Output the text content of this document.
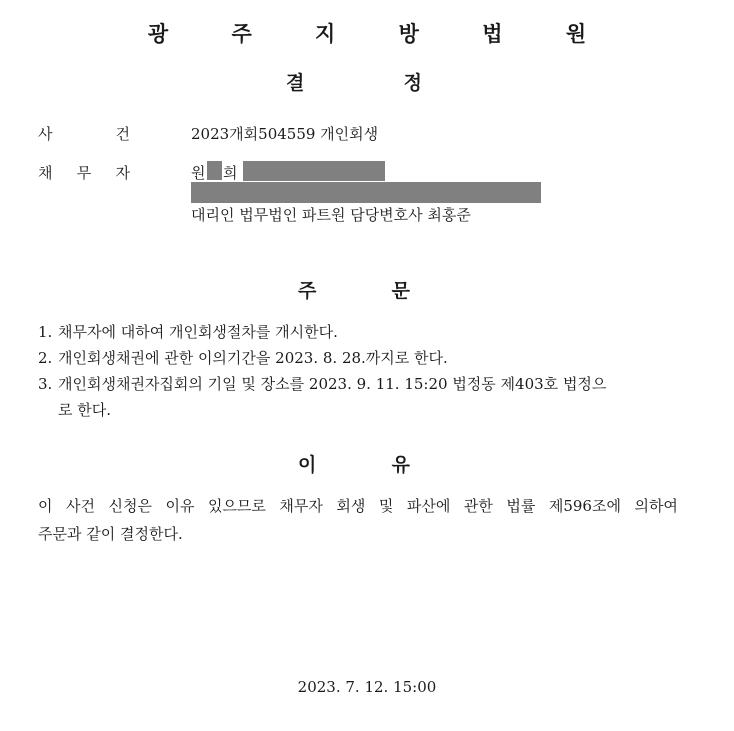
광 주 지 방 법 원
결	정
사	건	2023개회504559 개인회생
채 무 자	원 희
대리인 법무법인 파트원 담당변호사 최홍준
주	문
1. 채무자에 대하여 개인회생절차를 개시한다.
2. 개인회생채권에 관한 이의기간을 2023. 8. 28.까지로 한다.
3. 개인회생채권자집회의 기일 및 장소를 2023. 9. 11. 15:20 법정동 제403호 법정으
로 한다.
이	유
이 사건 신청은 이유 있으므로 채무자 회생 및 파산에 관한 법률 제596조에 의하여
주문과 같이 결정한다.
2023. 7. 12. 15:00
